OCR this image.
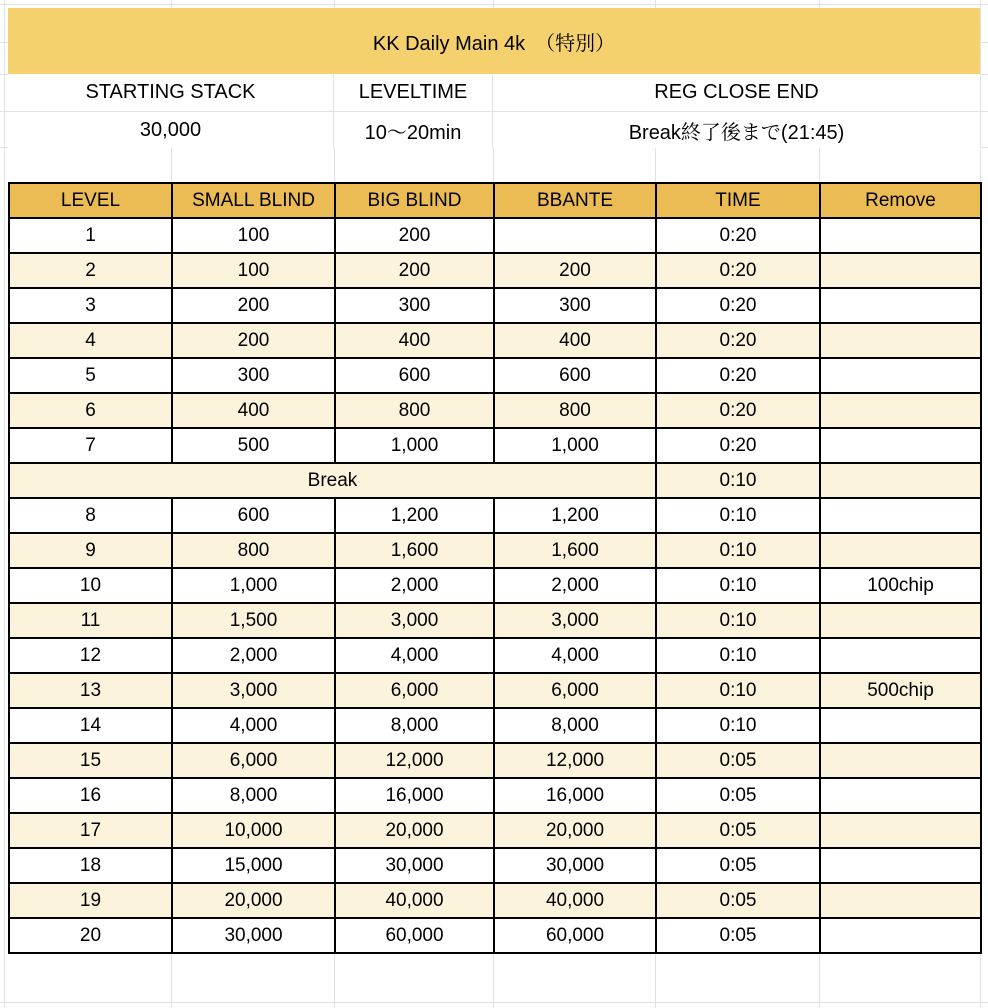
KK Daily Main 4k　（特別）
STARTING STACK	LEVELTIME	REG CLOSE END
30,000	10～20min	Break終了後まで(21:45)
LEVEL	SMALL BLIND	BIG BLIND	BBANTE	TIME	Remove
1	100	200		0:20	
2	100	200	200	0:20	
3	200	300	300	0:20	
4	200	400	400	0:20	
5	300	600	600	0:20	
6	400	800	800	0:20	
7	500	1,000	1,000	0:20	
Break				0:10	
8	600	1,200	1,200	0:10	
9	800	1,600	1,600	0:10	
10	1,000	2,000	2,000	0:10	100chip
11	1,500	3,000	3,000	0:10	
12	2,000	4,000	4,000	0:10	
13	3,000	6,000	6,000	0:10	500chip
14	4,000	8,000	8,000	0:10	
15	6,000	12,000	12,000	0:05	
16	8,000	16,000	16,000	0:05	
17	10,000	20,000	20,000	0:05	
18	15,000	30,000	30,000	0:05	
19	20,000	40,000	40,000	0:05	
20	30,000	60,000	60,000	0:05	
